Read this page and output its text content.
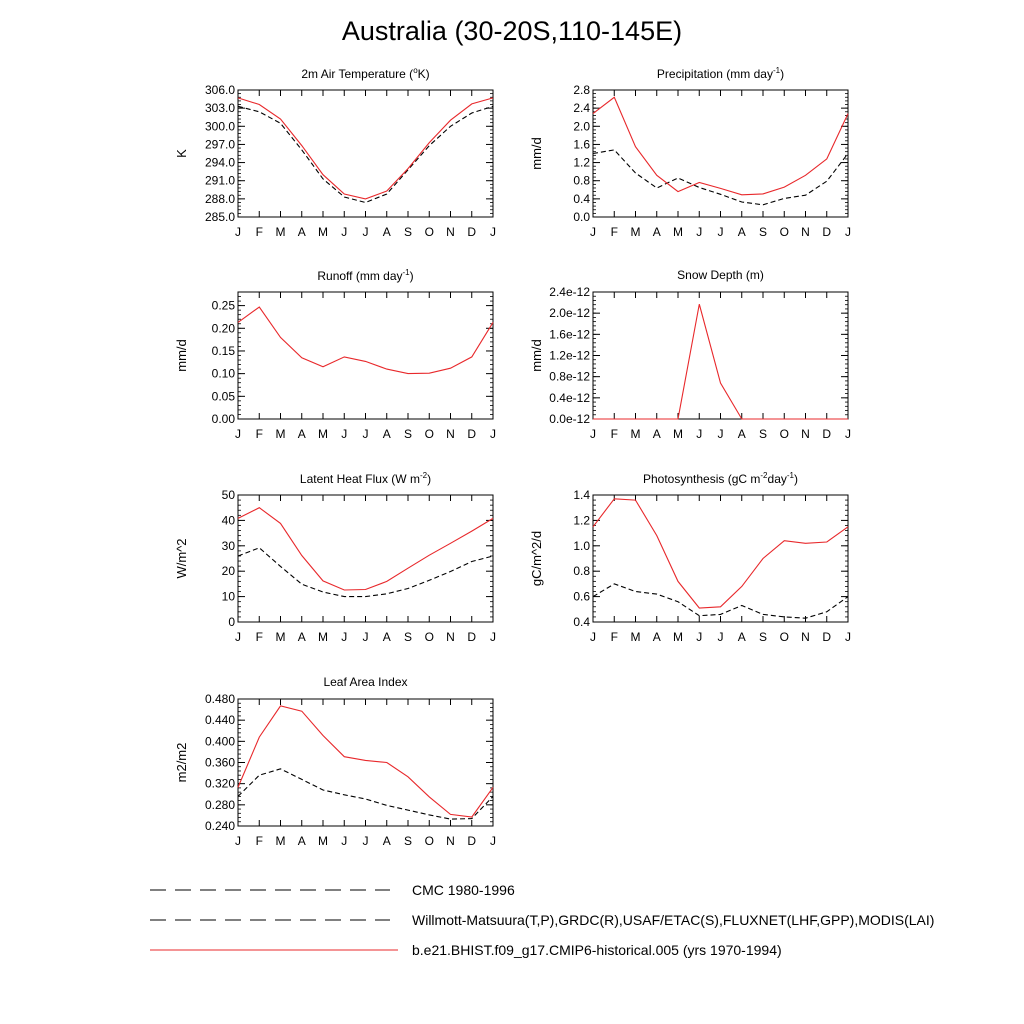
Australia (30-20S,110-145E)
2m Air Temperature ($^o$K)
285.0
288.0
291.0
294.0
297.0
300.0
303.0
306.0
J F M A M J J A S O N D J
K
Precipitation (mm day$^{-1}$)
0.0
0.4
0.8
1.2
1.6
2.0
2.4
2.8
J F M A M J J A S O N D J
mm/d
Runoff (mm day$^{-1}$)
0.00
0.05
0.10
0.15
0.20
0.25
J F M A M J J A S O N D J
mm/d
Snow Depth (m)
0.0e-12
0.4e-12
0.8e-12
1.2e-12
1.6e-12
2.0e-12
2.4e-12
J F M A M J J A S O N D J
mm/d
Latent Heat Flux (W $m^{-2}$)
0
10
20
30
40
50
J F M A M J J A S O N D J
W/m^2
Photosynthesis (gC $m^{-2}day^{-1}$)
0.4
0.6
0.8
1.0
1.2
1.4
J F M A M J J A S O N D J
gC/m^2/d
Leaf Area Index
0.240
0.280
0.320
0.360
0.400
0.440
0.480
J F M A M J J A S O N D J
m2/m2
CMC 1980-1996
Willmott-Matsuura(T,P),GRDC(R),USAF/ETAC(S),FLUXNET(LHF,GPP),MODIS(LAI)
b.e21.BHIST.f09_g17.CMIP6-historical.005 (yrs 1970-1994)
